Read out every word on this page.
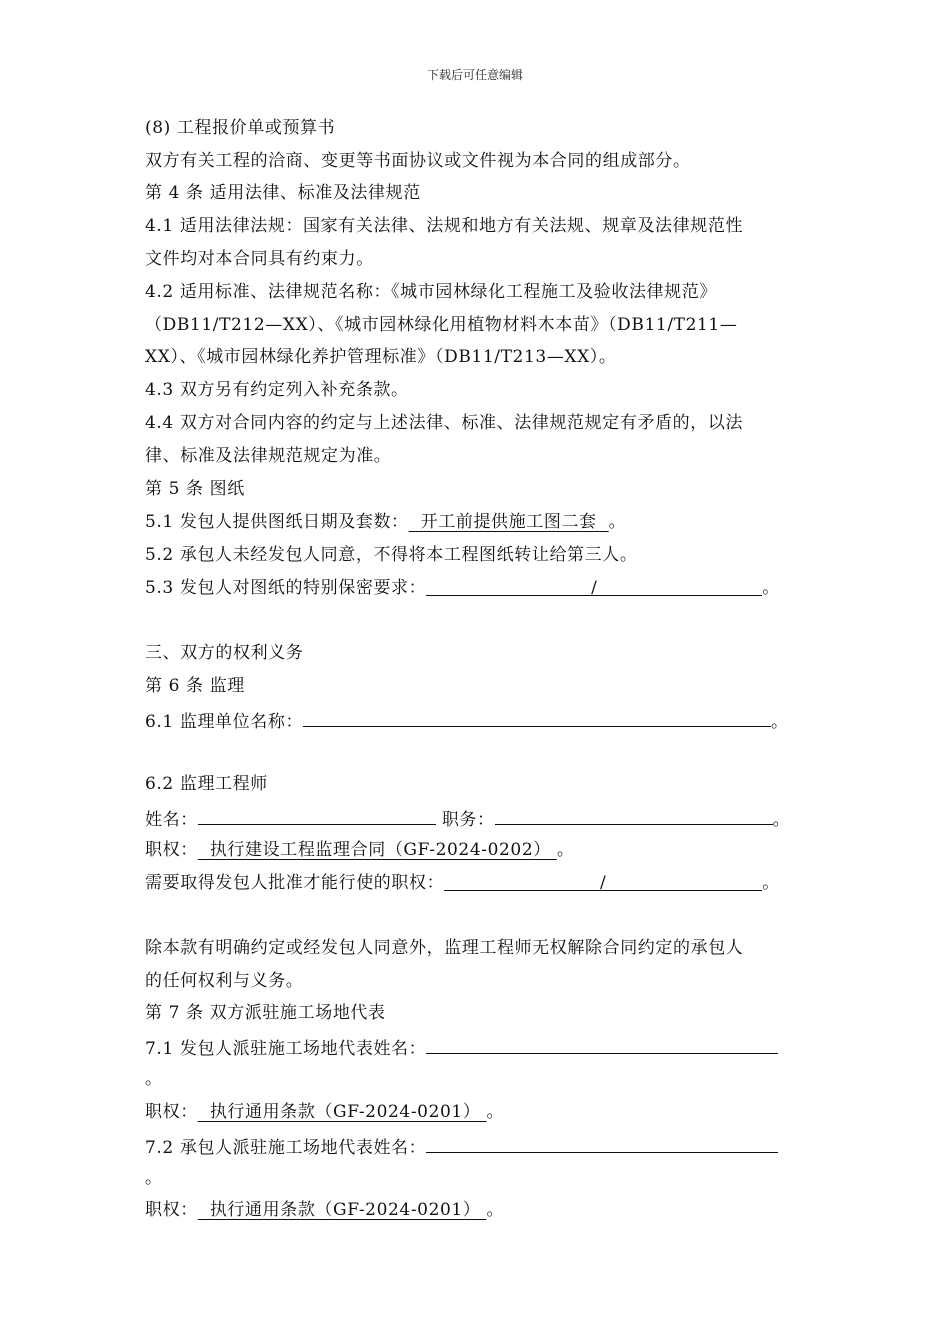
下载后可任意编辑
(8) 工程报价单或预算书
双方有关工程的洽商、变更等书面协议或文件视为本合同的组成部分。
第 4 条 适用法律、标准及法律规范
4.1 适用法律法规：国家有关法律、法规和地方有关法规、规章及法律规范性
文件均对本合同具有约束力。
4.2 适用标准、法律规范名称：《城市园林绿化工程施工及验收法律规范》
（DB11/T212—XX）、《城市园林绿化用植物材料木本苗》（DB11/T211—
XX）、《城市园林绿化养护管理标准》（DB11/T213—XX）。
4.3 双方另有约定列入补充条款。
4.4 双方对合同内容的约定与上述法律、标准、法律规范规定有矛盾的，以法
律、标准及法律规范规定为准。
第 5 条 图纸
5.1 发包人提供图纸日期及套数：  开工前提供施工图二套  。
5.2 承包人未经发包人同意，不得将本工程图纸转让给第三人。
5.3 发包人对图纸的特别保密要求：	/	。
三、双方的权利义务
第 6 条 监理
6.1 监理单位名称：	。
6.2 监理工程师
姓名：	职务：	。
职权：  执行建设工程监理合同（GF-2024-0202） 。
需要取得发包人批准才能行使的职权：	/	。
除本款有明确约定或经发包人同意外，监理工程师无权解除合同约定的承包人
的任何权利与义务。
第 7 条 双方派驻施工场地代表
7.1 发包人派驻施工场地代表姓名：
。
职权：  执行通用条款（GF-2024-0201） 。
7.2 承包人派驻施工场地代表姓名：
。
职权：  执行通用条款（GF-2024-0201） 。
